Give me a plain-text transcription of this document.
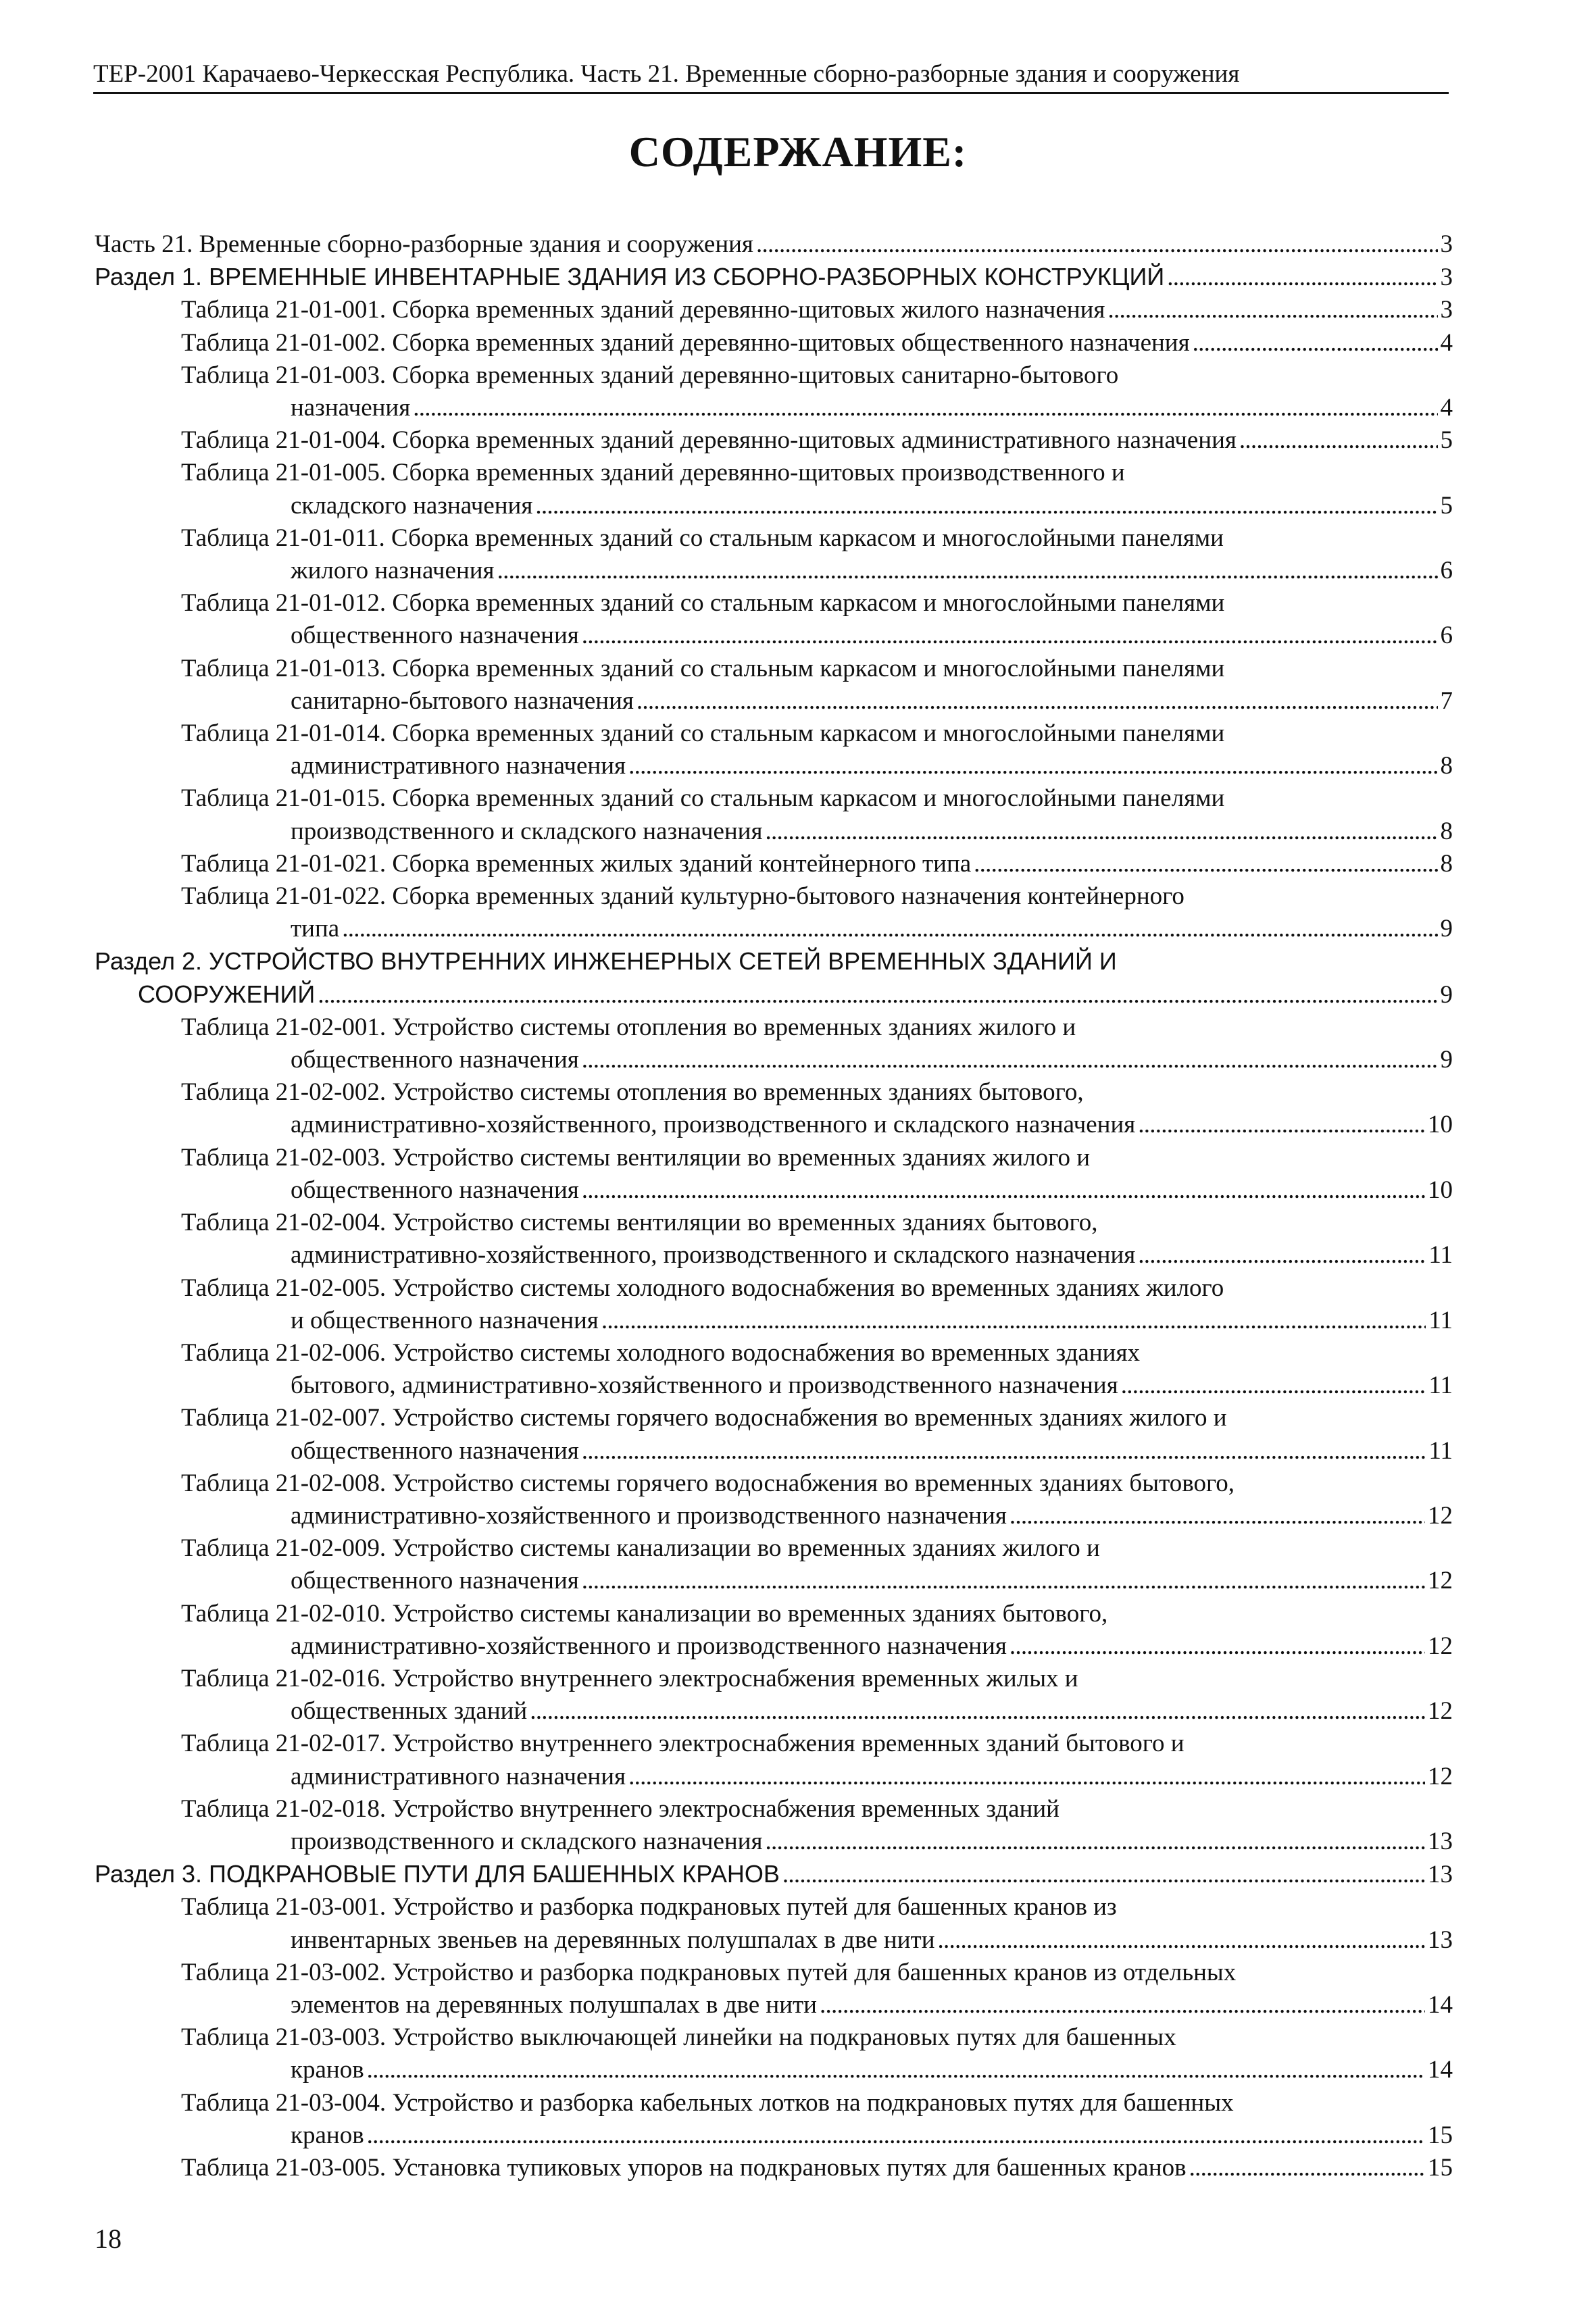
ТЕР-2001 Карачаево-Черкесская Республика. Часть 21. Временные сборно-разборные здания и сооружения
СОДЕРЖАНИЕ:
Часть 21. Временные сборно-разборные здания и сооружения . . .	3
Раздел 1. ВРЕМЕННЫЕ ИНВЕНТАРНЫЕ ЗДАНИЯ ИЗ СБОРНО-РАЗБОРНЫХ КОНСТРУКЦИЙ . . .	3
Таблица 21-01-001. Сборка временных зданий деревянно-щитовых жилого назначения . . .	3
Таблица 21-01-002. Сборка временных зданий деревянно-щитовых общественного назначения . . .	4
Таблица 21-01-003. Сборка временных зданий деревянно-щитовых санитарно-бытового
назначения . . .	4
Таблица 21-01-004. Сборка временных зданий деревянно-щитовых административного назначения . . .	5
Таблица 21-01-005. Сборка временных зданий деревянно-щитовых производственного и
складского назначения . . .	5
Таблица 21-01-011. Сборка временных зданий со стальным каркасом и многослойными панелями
жилого назначения . . .	6
Таблица 21-01-012. Сборка временных зданий со стальным каркасом и многослойными панелями
общественного назначения . . .	6
Таблица 21-01-013. Сборка временных зданий со стальным каркасом и многослойными панелями
санитарно-бытового назначения . . .	7
Таблица 21-01-014. Сборка временных зданий со стальным каркасом и многослойными панелями
административного назначения . . .	8
Таблица 21-01-015. Сборка временных зданий со стальным каркасом и многослойными панелями
производственного и складского назначения . . .	8
Таблица 21-01-021. Сборка временных жилых зданий контейнерного типа . . .	8
Таблица 21-01-022. Сборка временных зданий культурно-бытового назначения контейнерного
типа . . .	9
Раздел 2. УСТРОЙСТВО ВНУТРЕННИХ ИНЖЕНЕРНЫХ СЕТЕЙ ВРЕМЕННЫХ ЗДАНИЙ И
СООРУЖЕНИЙ . . .	9
Таблица 21-02-001. Устройство системы отопления во временных зданиях жилого и
общественного назначения . . .	9
Таблица 21-02-002. Устройство системы отопления во временных зданиях бытового,
административно-хозяйственного, производственного и складского назначения . . .	10
Таблица 21-02-003. Устройство системы вентиляции во временных зданиях жилого и
общественного назначения . . .	10
Таблица 21-02-004. Устройство системы вентиляции во временных зданиях бытового,
административно-хозяйственного, производственного и складского назначения . . .	11
Таблица 21-02-005. Устройство системы холодного водоснабжения во временных зданиях жилого
и общественного назначения . . .	11
Таблица 21-02-006. Устройство системы холодного водоснабжения во временных зданиях
бытового, административно-хозяйственного и производственного назначения . . .	11
Таблица 21-02-007. Устройство системы горячего водоснабжения во временных зданиях жилого и
общественного назначения . . .	11
Таблица 21-02-008. Устройство системы горячего водоснабжения во временных зданиях бытового,
административно-хозяйственного и производственного назначения . . .	12
Таблица 21-02-009. Устройство системы канализации во временных зданиях жилого и
общественного назначения . . .	12
Таблица 21-02-010. Устройство системы канализации во временных зданиях бытового,
административно-хозяйственного и производственного назначения . . .	12
Таблица 21-02-016. Устройство внутреннего электроснабжения временных жилых и
общественных зданий . . .	12
Таблица 21-02-017. Устройство внутреннего электроснабжения временных зданий бытового и
административного назначения . . .	12
Таблица 21-02-018. Устройство внутреннего электроснабжения временных зданий
производственного и складского назначения . . .	13
Раздел 3. ПОДКРАНОВЫЕ ПУТИ ДЛЯ БАШЕННЫХ КРАНОВ . . .	13
Таблица 21-03-001. Устройство и разборка подкрановых путей для башенных кранов из
инвентарных звеньев на деревянных полушпалах в две нити . . .	13
Таблица 21-03-002. Устройство и разборка подкрановых путей для башенных кранов из отдельных
элементов на деревянных полушпалах в две нити . . .	14
Таблица 21-03-003. Устройство выключающей линейки на подкрановых путях для башенных
кранов . . .	14
Таблица 21-03-004. Устройство и разборка кабельных лотков на подкрановых путях для башенных
кранов . . .	15
Таблица 21-03-005. Установка тупиковых упоров на подкрановых путях для башенных кранов . . .	15
18
